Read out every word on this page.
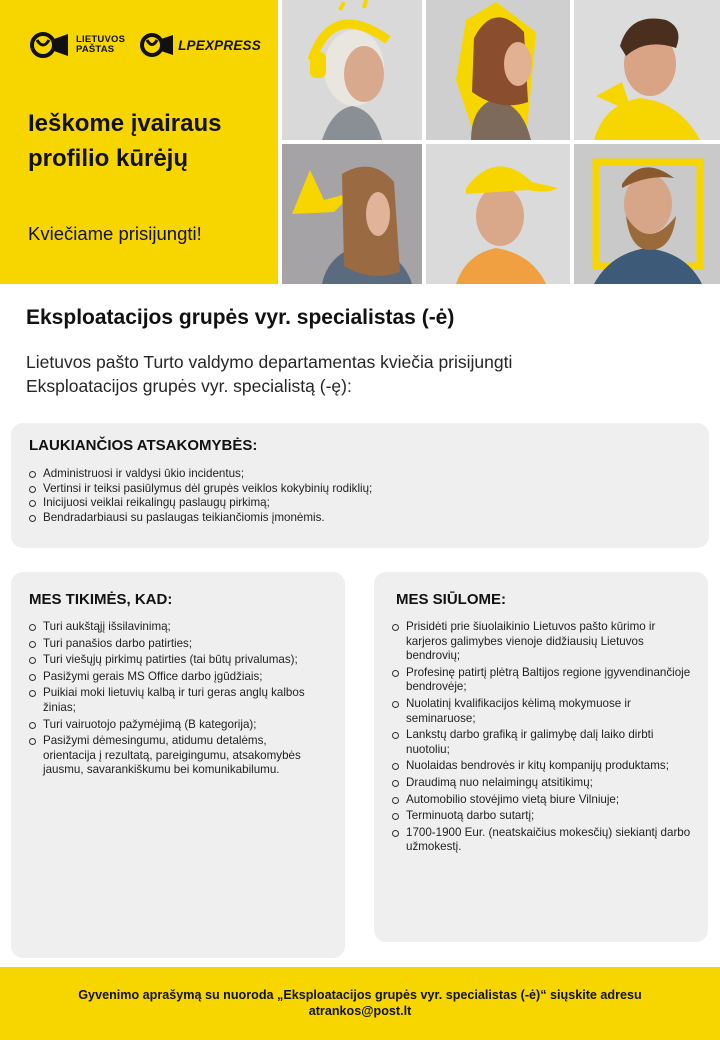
LIETUVOS
PAŠTAS	LPEXPRESS
Ieškome įvairaus
profilio kūrėjų
Kviečiame prisijungti!
Eksploatacijos grupės vyr. specialistas (-ė)
Lietuvos pašto Turto valdymo departamentas kviečia prisijungti
Eksploatacijos grupės vyr. specialistą (-ę):
LAUKIANČIOS ATSAKOMYBĖS:
Administruosi ir valdysi ūkio incidentus;
Vertinsi ir teiksi pasiūlymus dėl grupės veiklos kokybinių rodiklių;
Inicijuosi veiklai reikalingų paslaugų pirkimą;
Bendradarbiausi su paslaugas teikiančiomis įmonėmis.
MES TIKIMĖS, KAD:
Turi aukštąjį išsilavinimą;
Turi panašios darbo patirties;
Turi viešųjų pirkimų patirties (tai būtų privalumas);
Pasižymi gerais MS Office darbo įgūdžiais;
Puikiai moki lietuvių kalbą ir turi geras anglų kalbos žinias;
Turi vairuotojo pažymėjimą (B kategorija);
Pasižymi dėmesingumu, atidumu detalėms, orientacija į rezultatą, pareigingumu, atsakomybės jausmu, savarankiškumu bei komunikabilumu.
MES SIŪLOME:
Prisidėti prie šiuolaikinio Lietuvos pašto kūrimo ir karjeros galimybes vienoje didžiausių Lietuvos bendrovių;
Profesinę patirtį plėtrą Baltijos regione įgyvendinančioje bendrovėje;
Nuolatinį kvalifikacijos kėlimą mokymuose ir seminaruose;
Lankstų darbo grafiką ir galimybę dalį laiko dirbti nuotoliu;
Nuolaidas bendrovės ir kitų kompanijų produktams;
Draudimą nuo nelaimingų atsitikimų;
Automobilio stovėjimo vietą biure Vilniuje;
Terminuotą darbo sutartį;
1700-1900 Eur. (neatskaičius mokesčių) siekiantį darbo užmokestį.
Gyvenimo aprašymą su nuoroda „Eksploatacijos grupės vyr. specialistas (-ė)“ siųskite adresu
atrankos@post.lt
